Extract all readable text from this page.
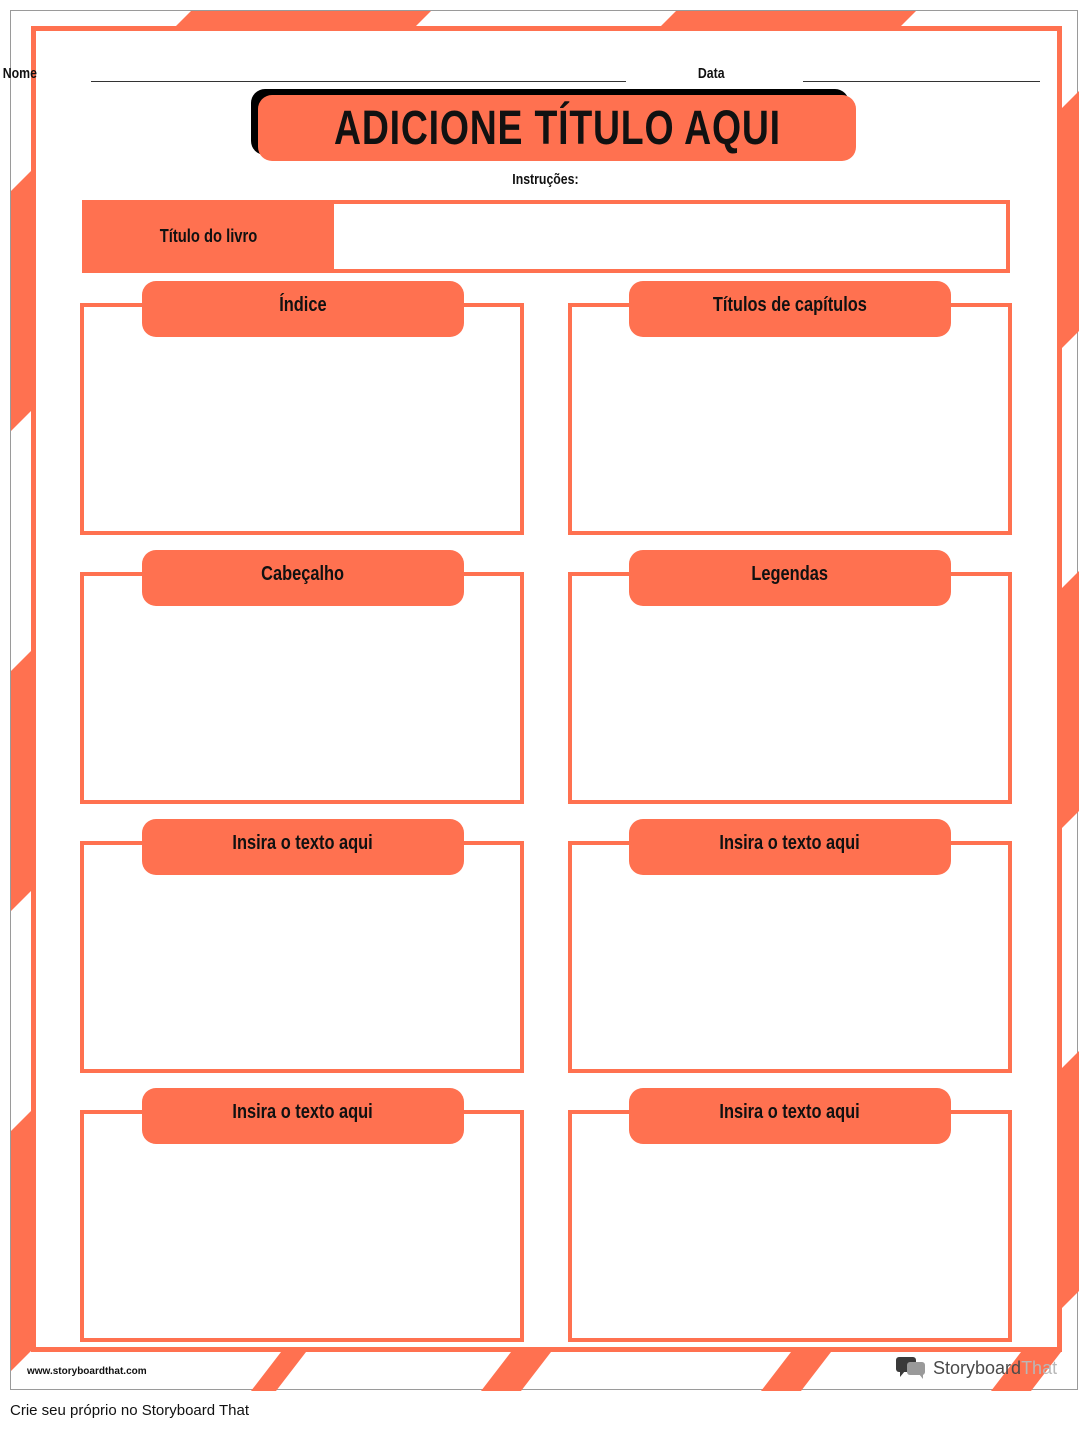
Nome	Data
ADICIONE TÍTULO AQUI
Instruções:
Título do livro
Índice	Títulos de capítulos
Cabeçalho	Legendas
Insira o texto aqui	Insira o texto aqui
Insira o texto aqui	Insira o texto aqui
www.storyboardthat.com	StoryboardThat
Crie seu próprio no Storyboard That
